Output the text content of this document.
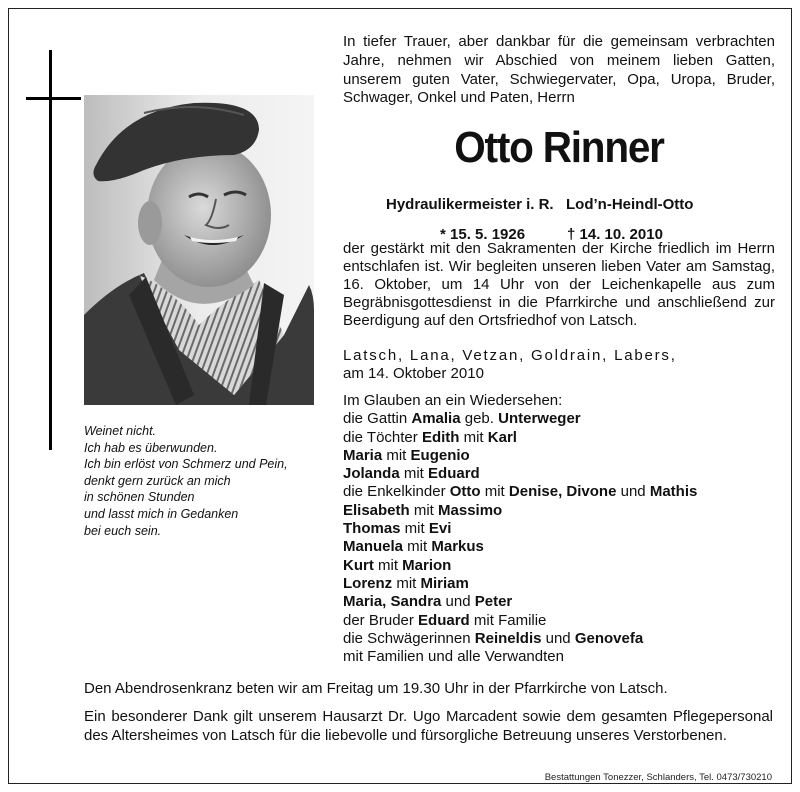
Weinet nicht.
Ich hab es überwunden.
Ich bin erlöst von Schmerz und Pein,
denkt gern zurück an mich
in schönen Stunden
und lasst mich in Gedanken
bei euch sein.
In tiefer Trauer, aber dankbar für die gemeinsam verbrachten Jahre, nehmen wir Abschied von meinem lieben Gatten, unserem guten Vater, Schwiegervater, Opa, Uropa, Bruder, Schwager, Onkel und Paten, Herrn
Otto Rinner
Hydraulikermeister i. R. Lod’n-Heindl-Otto
* 15. 5. 1926	† 14. 10. 2010
der gestärkt mit den Sakramenten der Kirche friedlich im Herrn entschlafen ist. Wir begleiten unseren lieben Vater am Samstag, 16. Oktober, um 14 Uhr von der Leichenkapelle aus zum Begräbnisgottesdienst in die Pfarrkirche und anschließend zur Beerdigung auf den Ortsfriedhof von Latsch.
Latsch, Lana, Vetzan, Goldrain, Labers,
am 14. Oktober 2010
Im Glauben an ein Wiedersehen:
die Gattin Amalia geb. Unterweger
die Töchter Edith mit Karl
Maria mit Eugenio
Jolanda mit Eduard
die Enkelkinder Otto mit Denise, Divone und Mathis
Elisabeth mit Massimo
Thomas mit Evi
Manuela mit Markus
Kurt mit Marion
Lorenz mit Miriam
Maria, Sandra und Peter
der Bruder Eduard mit Familie
die Schwägerinnen Reineldis und Genovefa
mit Familien und alle Verwandten
Den Abendrosenkranz beten wir am Freitag um 19.30 Uhr in der Pfarrkirche von Latsch.
Ein besonderer Dank gilt unserem Hausarzt Dr. Ugo Marcadent sowie dem gesamten Pflegepersonal des Altersheimes von Latsch für die liebevolle und fürsorgliche Betreuung unseres Verstorbenen.
Bestattungen Tonezzer, Schlanders, Tel. 0473/730210
